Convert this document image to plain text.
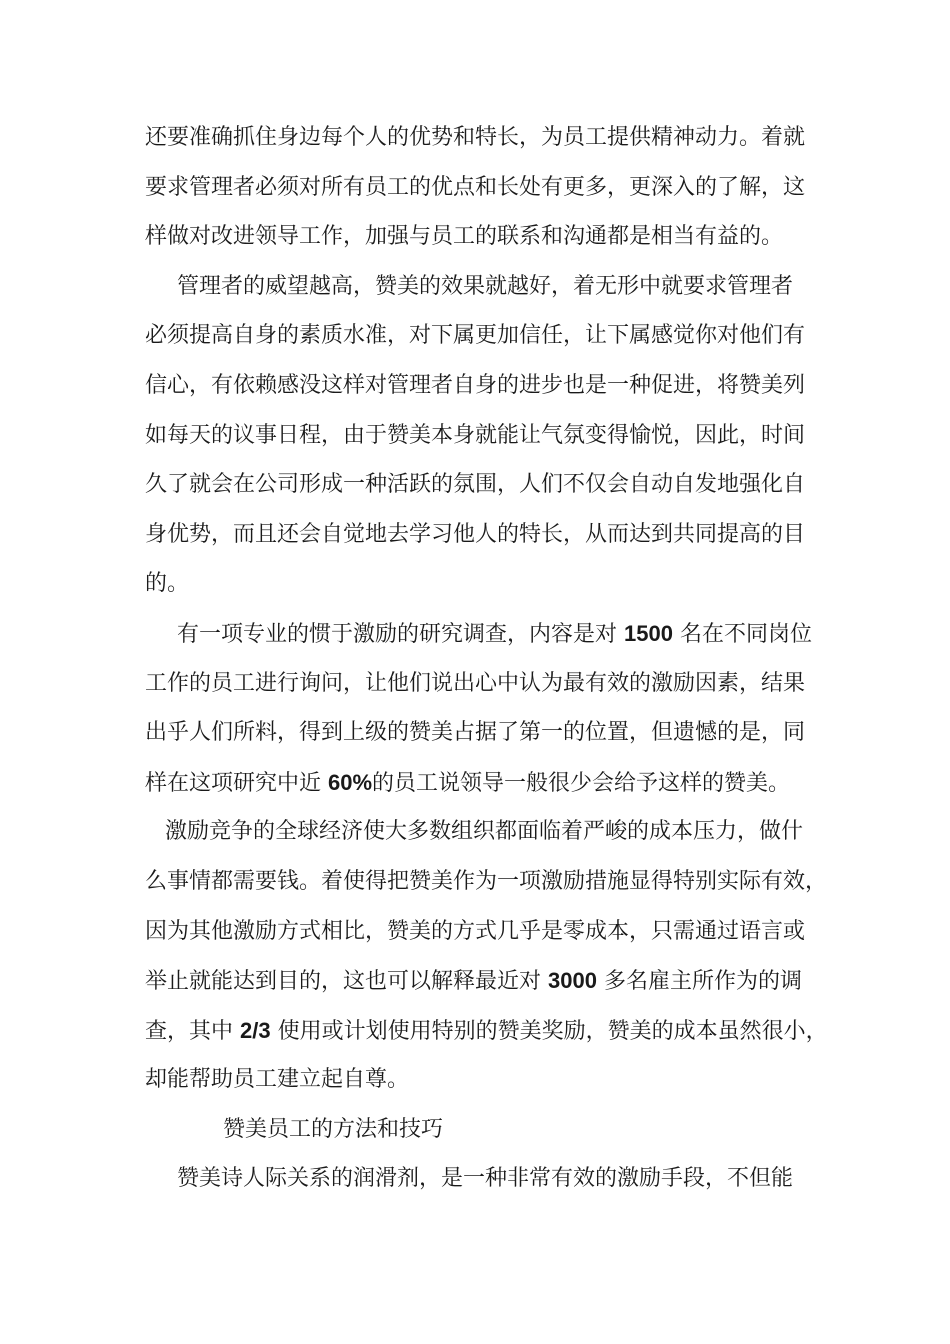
还要准确抓住身边每个人的优势和特长，为员工提供精神动力。着就
要求管理者必须对所有员工的优点和长处有更多，更深入的了解，这
样做对改进领导工作，加强与员工的联系和沟通都是相当有益的。
管理者的威望越高，赞美的效果就越好，着无形中就要求管理者
必须提高自身的素质水准，对下属更加信任，让下属感觉你对他们有
信心，有依赖感没这样对管理者自身的进步也是一种促进，将赞美列
如每天的议事日程，由于赞美本身就能让气氛变得愉悦，因此，时间
久了就会在公司形成一种活跃的氛围，人们不仅会自动自发地强化自
身优势，而且还会自觉地去学习他人的特长，从而达到共同提高的目
的。
有一项专业的惯于激励的研究调查，内容是对 1500 名在不同岗位
工作的员工进行询问，让他们说出心中认为最有效的激励因素，结果
出乎人们所料，得到上级的赞美占据了第一的位置，但遗憾的是，同
样在这项研究中近 60%的员工说领导一般很少会给予这样的赞美。
激励竞争的全球经济使大多数组织都面临着严峻的成本压力，做什
么事情都需要钱。着使得把赞美作为一项激励措施显得特别实际有效，
因为其他激励方式相比，赞美的方式几乎是零成本，只需通过语言或
举止就能达到目的，这也可以解释最近对 3000 多名雇主所作为的调
查，其中 2/3 使用或计划使用特别的赞美奖励，赞美的成本虽然很小，
却能帮助员工建立起自尊。
赞美员工的方法和技巧
赞美诗人际关系的润滑剂，是一种非常有效的激励手段，不但能
